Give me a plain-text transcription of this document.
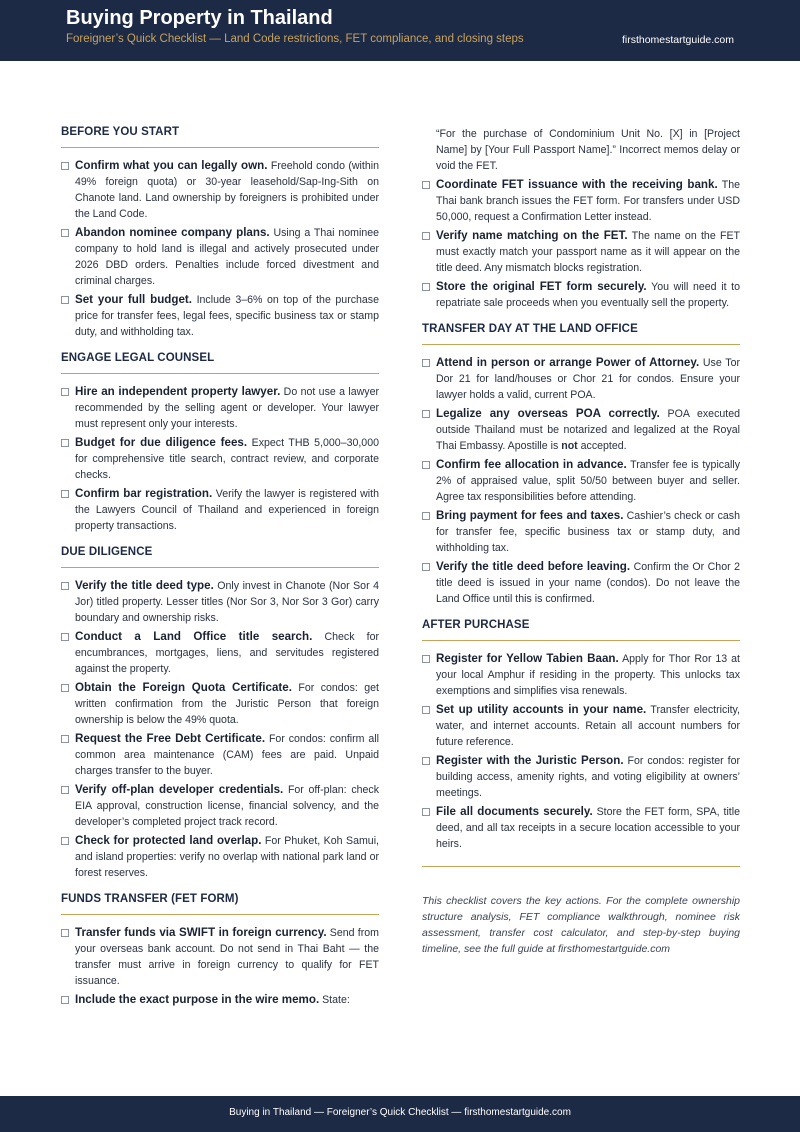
Buying Property in Thailand
Foreigner’s Quick Checklist — Land Code restrictions, FET compliance, and closing steps	firsthomestartguide.com
BEFORE YOU START
Confirm what you can legally own. Freehold condo (within 49% foreign quota) or 30-year leasehold/Sap-Ing-Sith on Chanote land. Land ownership by foreigners is prohibited under the Land Code.
Abandon nominee company plans. Using a Thai nominee company to hold land is illegal and actively prosecuted under 2026 DBD orders. Penalties include forced divestment and criminal charges.
Set your full budget. Include 3–6% on top of the purchase price for transfer fees, legal fees, specific business tax or stamp duty, and withholding tax.
ENGAGE LEGAL COUNSEL
Hire an independent property lawyer. Do not use a lawyer recommended by the selling agent or developer. Your lawyer must represent only your interests.
Budget for due diligence fees. Expect THB 5,000–30,000 for comprehensive title search, contract review, and corporate checks.
Confirm bar registration. Verify the lawyer is registered with the Lawyers Council of Thailand and experienced in foreign property transactions.
DUE DILIGENCE
Verify the title deed type. Only invest in Chanote (Nor Sor 4 Jor) titled property. Lesser titles (Nor Sor 3, Nor Sor 3 Gor) carry boundary and ownership risks.
Conduct a Land Office title search. Check for encumbrances, mortgages, liens, and servitudes registered against the property.
Obtain the Foreign Quota Certificate. For condos: get written confirmation from the Juristic Person that foreign ownership is below the 49% quota.
Request the Free Debt Certificate. For condos: confirm all common area maintenance (CAM) fees are paid. Unpaid charges transfer to the buyer.
Verify off-plan developer credentials. For off-plan: check EIA approval, construction license, financial solvency, and the developer’s completed project track record.
Check for protected land overlap. For Phuket, Koh Samui, and island properties: verify no overlap with national park land or forest reserves.
FUNDS TRANSFER (FET FORM)
Transfer funds via SWIFT in foreign currency. Send from your overseas bank account. Do not send in Thai Baht — the transfer must arrive in foreign currency to qualify for FET issuance.
Include the exact purpose in the wire memo. State:
“For the purchase of Condominium Unit No. [X] in [Project Name] by [Your Full Passport Name].” Incorrect memos delay or void the FET.
Coordinate FET issuance with the receiving bank. The Thai bank branch issues the FET form. For transfers under USD 50,000, request a Confirmation Letter instead.
Verify name matching on the FET. The name on the FET must exactly match your passport name as it will appear on the title deed. Any mismatch blocks registration.
Store the original FET form securely. You will need it to repatriate sale proceeds when you eventually sell the property.
TRANSFER DAY AT THE LAND OFFICE
Attend in person or arrange Power of Attorney. Use Tor Dor 21 for land/houses or Chor 21 for condos. Ensure your lawyer holds a valid, current POA.
Legalize any overseas POA correctly. POA executed outside Thailand must be notarized and legalized at the Royal Thai Embassy. Apostille is not accepted.
Confirm fee allocation in advance. Transfer fee is typically 2% of appraised value, split 50/50 between buyer and seller. Agree tax responsibilities before attending.
Bring payment for fees and taxes. Cashier’s check or cash for transfer fee, specific business tax or stamp duty, and withholding tax.
Verify the title deed before leaving. Confirm the Or Chor 2 title deed is issued in your name (condos). Do not leave the Land Office until this is confirmed.
AFTER PURCHASE
Register for Yellow Tabien Baan. Apply for Thor Ror 13 at your local Amphur if residing in the property. This unlocks tax exemptions and simplifies visa renewals.
Set up utility accounts in your name. Transfer electricity, water, and internet accounts. Retain all account numbers for future reference.
Register with the Juristic Person. For condos: register for building access, amenity rights, and voting eligibility at owners’ meetings.
File all documents securely. Store the FET form, SPA, title deed, and all tax receipts in a secure location accessible to your heirs.
This checklist covers the key actions. For the complete ownership structure analysis, FET compliance walkthrough, nominee risk assessment, transfer cost calculator, and step-by-step buying timeline, see the full guide at firsthomestartguide.com
Buying in Thailand — Foreigner’s Quick Checklist — firsthomestartguide.com
